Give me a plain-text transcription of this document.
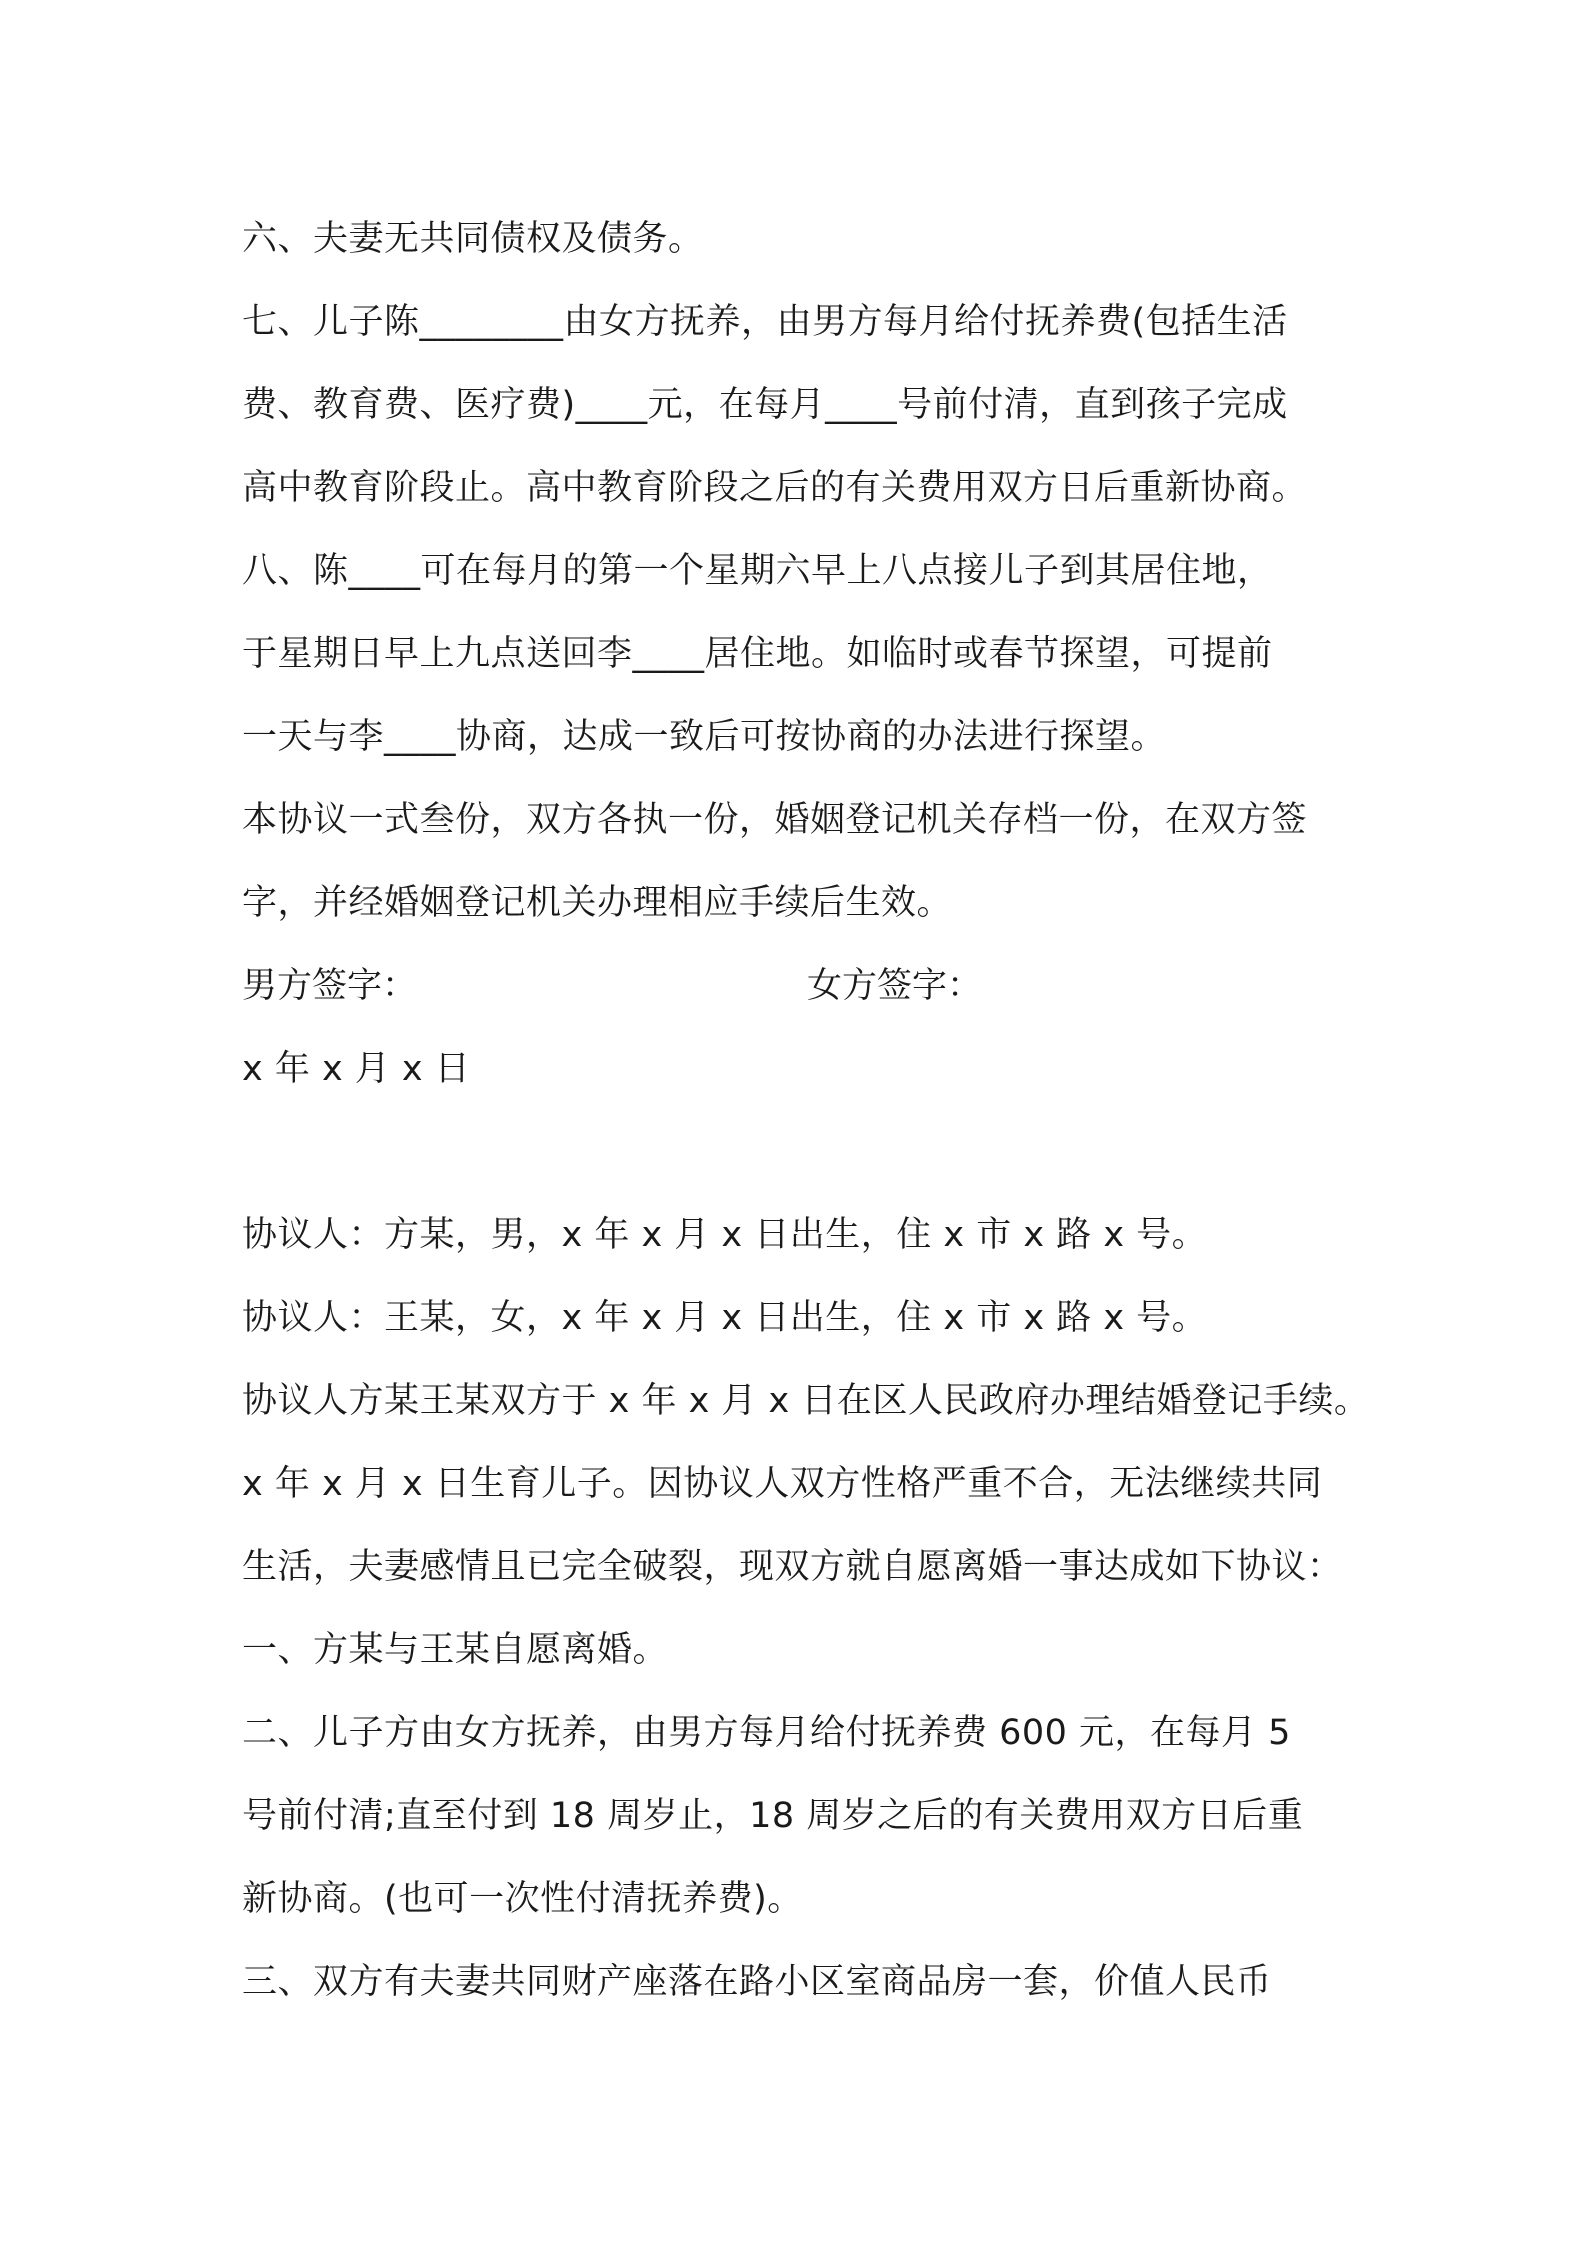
六、夫妻无共同债权及债务。
七、儿子陈________由女方抚养，由男方每月给付抚养费(包括生活
费、教育费、医疗费)____元，在每月____号前付清，直到孩子完成
高中教育阶段止。高中教育阶段之后的有关费用双方日后重新协商。
八、陈____可在每月的第一个星期六早上八点接儿子到其居住地，
于星期日早上九点送回李____居住地。如临时或春节探望，可提前
一天与李____协商，达成一致后可按协商的办法进行探望。
本协议一式叁份，双方各执一份，婚姻登记机关存档一份，在双方签
字，并经婚姻登记机关办理相应手续后生效。
男方签字：	女方签字：
x 年 x 月 x 日
协议人：方某，男，x 年 x 月 x 日出生，住 x 市 x 路 x 号。
协议人：王某，女，x 年 x 月 x 日出生，住 x 市 x 路 x 号。
协议人方某王某双方于 x 年 x 月 x 日在区人民政府办理结婚登记手续。
x 年 x 月 x 日生育儿子。因协议人双方性格严重不合，无法继续共同
生活，夫妻感情且已完全破裂，现双方就自愿离婚一事达成如下协议：
一、方某与王某自愿离婚。
二、儿子方由女方抚养，由男方每月给付抚养费 600 元，在每月 5
号前付清;直至付到 18 周岁止，18 周岁之后的有关费用双方日后重
新协商。(也可一次性付清抚养费)。
三、双方有夫妻共同财产座落在路小区室商品房一套，价值人民币
